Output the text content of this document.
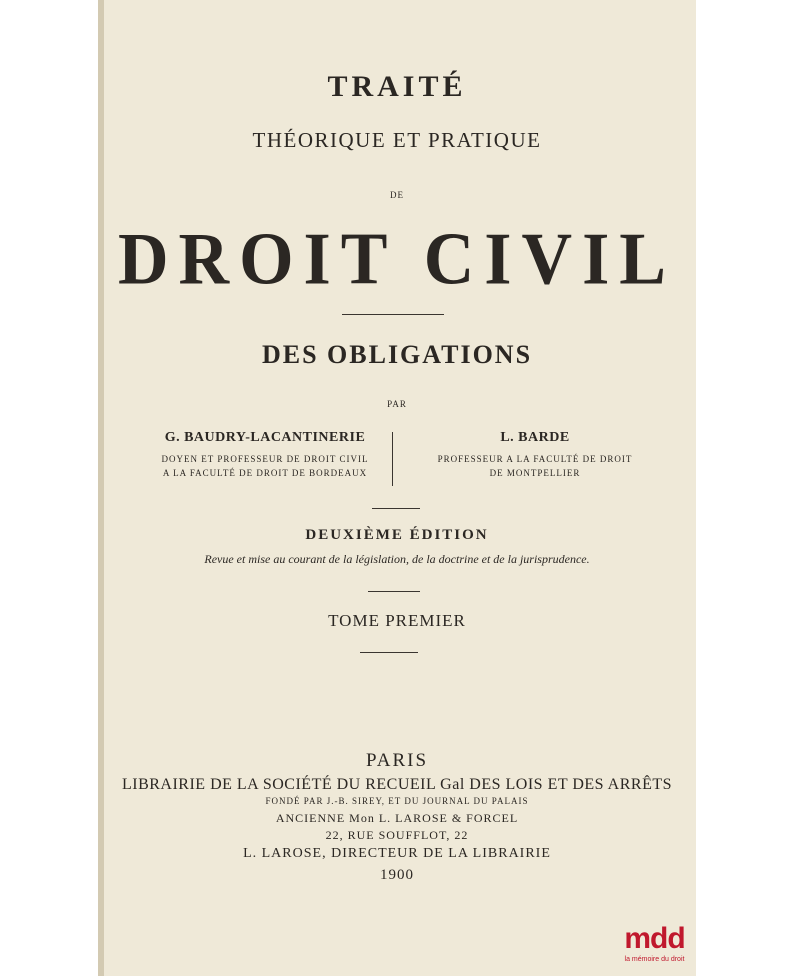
TRAITÉ
THÉORIQUE ET PRATIQUE
DE
DROIT CIVIL
DES OBLIGATIONS
PAR
G. BAUDRY-LACANTINERIE
DOYEN ET PROFESSEUR DE DROIT CIVIL
A LA FACULTÉ DE DROIT DE BORDEAUX
L. BARDE
PROFESSEUR A LA FACULTÉ DE DROIT
DE MONTPELLIER
DEUXIÈME ÉDITION
Revue et mise au courant de la législation, de la doctrine et de la jurisprudence.
TOME PREMIER
PARIS
LIBRAIRIE DE LA SOCIÉTÉ DU RECUEIL Gal DES LOIS ET DES ARRÊTS
FONDÉ PAR J.-B. SIREY, ET DU JOURNAL DU PALAIS
ANCIENNE Mon L. LAROSE & FORCEL
22, RUE SOUFFLOT, 22
L. LAROSE, DIRECTEUR DE LA LIBRAIRIE
1900
mdd
la mémoire du droit
